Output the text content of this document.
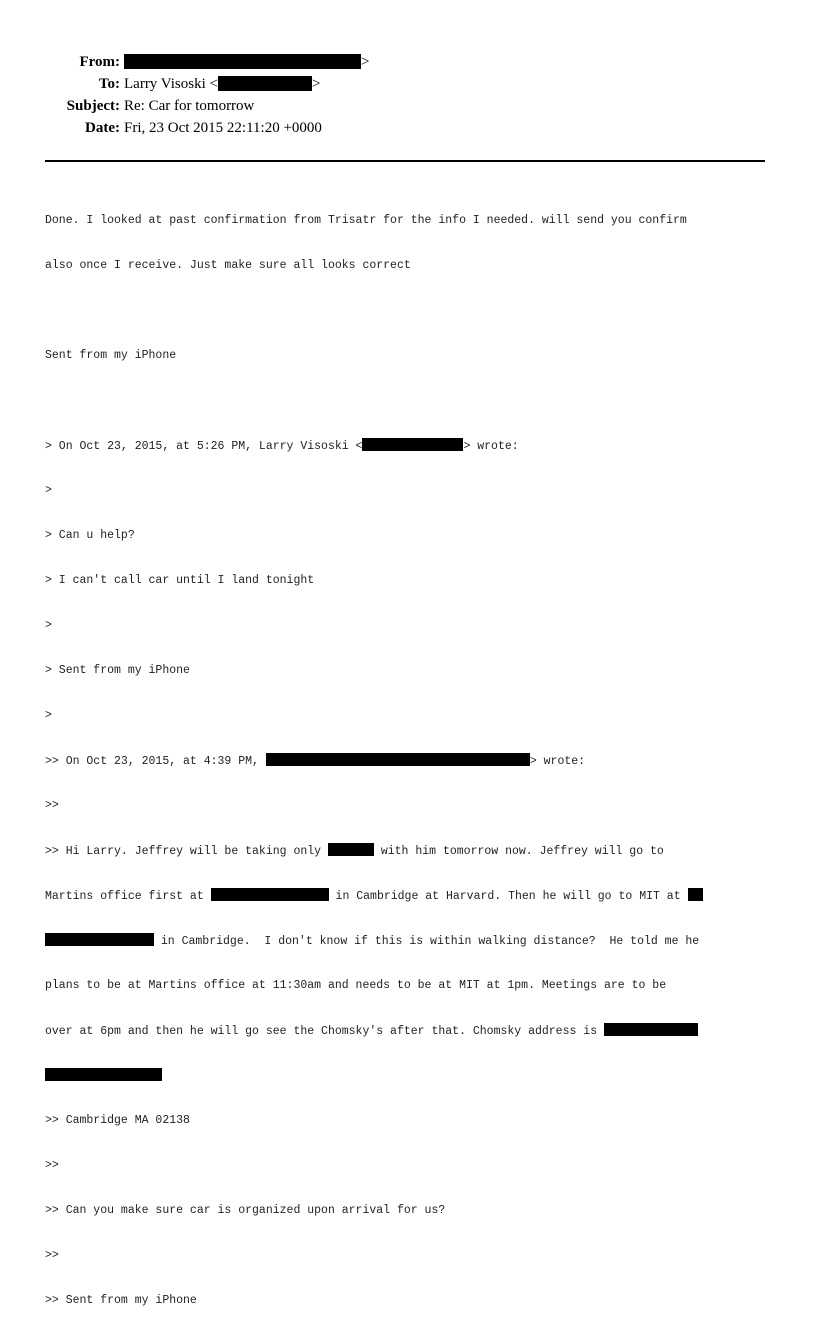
From:	>
To: Larry Visoski <	>
Subject: Re: Car for tomorrow
Date: Fri, 23 Oct 2015 22:11:20 +0000

Done. I looked at past confirmation from Trisatr for the info I needed. will send you confirm

also once I receive. Just make sure all looks correct

Sent from my iPhone

> On Oct 23, 2015, at 5:26 PM, Larry Visoski <	> wrote:

>

> Can u help?

> I can't call car until I land tonight

>

> Sent from my iPhone

>

>> On Oct 23, 2015, at 4:39 PM,	> wrote:

>>

>> Hi Larry. Jeffrey will be taking only	with him tomorrow now. Jeffrey will go to

Martins office first at	in Cambridge at Harvard. Then he will go to MIT at

in Cambridge.  I don't know if this is within walking distance?  He told me he

plans to be at Martins office at 11:30am and needs to be at MIT at 1pm. Meetings are to be

over at 6pm and then he will go see the Chomsky's after that. Chomsky address is

>> Cambridge MA 02138

>>

>> Can you make sure car is organized upon arrival for us?

>>

>> Sent from my iPhone
